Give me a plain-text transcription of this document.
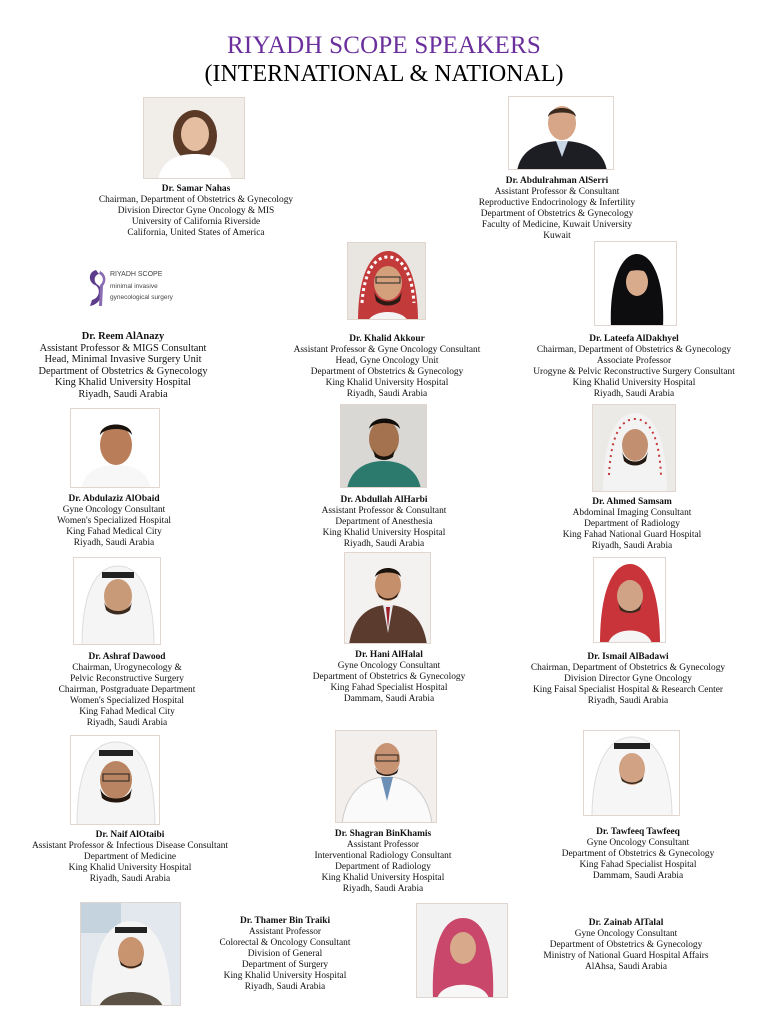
RIYADH SCOPE SPEAKERS
(INTERNATIONAL & NATIONAL)
RIYADH SCOPE
minimal invasive
gynecological surgery
Dr. Samar Nahas
Chairman, Department of Obstetrics & Gynecology
Division Director Gyne Oncology & MIS
University of California Riverside
California, United States of America
Dr. Abdulrahman AlSerri
Assistant Professor & Consultant
Reproductive Endocrinology & Infertility
Department of Obstetrics & Gynecology
Faculty of Medicine, Kuwait University
Kuwait
Dr. Reem AlAnazy
Assistant Professor & MIGS Consultant
Head, Minimal Invasive Surgery Unit
Department of Obstetrics & Gynecology
King Khalid University Hospital
Riyadh, Saudi Arabia
Dr. Khalid Akkour
Assistant Professor & Gyne Oncology Consultant
Head, Gyne Oncology Unit
Department of Obstetrics & Gynecology
King Khalid University Hospital
Riyadh, Saudi Arabia
Dr. Lateefa AlDakhyel
Chairman, Department of Obstetrics & Gynecology
Associate Professor
Urogyne & Pelvic Reconstructive Surgery Consultant
King Khalid University Hospital
Riyadh, Saudi Arabia
Dr. Abdulaziz AlObaid
Gyne Oncology Consultant
Women's Specialized Hospital
King Fahad Medical City
Riyadh, Saudi Arabia
Dr. Abdullah AlHarbi
Assistant Professor & Consultant
Department of Anesthesia
King Khalid University Hospital
Riyadh, Saudi Arabia
Dr. Ahmed Samsam
Abdominal Imaging Consultant
Department of Radiology
King Fahad National Guard Hospital
Riyadh, Saudi Arabia
Dr. Ashraf Dawood
Chairman, Urogynecology &
Pelvic Reconstructive Surgery
Chairman, Postgraduate Department
Women's Specialized Hospital
King Fahad Medical City
Riyadh, Saudi Arabia
Dr. Hani AlHalal
Gyne Oncology Consultant
Department of Obstetrics & Gynecology
King Fahad Specialist Hospital
Dammam, Saudi Arabia
Dr. Ismail AlBadawi
Chairman, Department of Obstetrics & Gynecology
Division Director Gyne Oncology
King Faisal Specialist Hospital & Research Center
Riyadh, Saudi Arabia
Dr. Naif AlOtaibi
Assistant Professor & Infectious Disease Consultant
Department of Medicine
King Khalid University Hospital
Riyadh, Saudi Arabia
Dr. Shagran BinKhamis
Assistant Professor
Interventional Radiology Consultant
Department of Radiology
King Khalid University Hospital
Riyadh, Saudi Arabia
Dr. Tawfeeq Tawfeeq
Gyne Oncology Consultant
Department of Obstetrics & Gynecology
King Fahad Specialist Hospital
Dammam, Saudi Arabia
Dr. Thamer Bin Traiki
Assistant Professor
Colorectal & Oncology Consultant
Division of General
Department of Surgery
King Khalid University Hospital
Riyadh, Saudi Arabia
Dr. Zainab AlTalal
Gyne Oncology Consultant
Department of Obstetrics & Gynecology
Ministry of National Guard Hospital Affairs
AlAhsa, Saudi Arabia
